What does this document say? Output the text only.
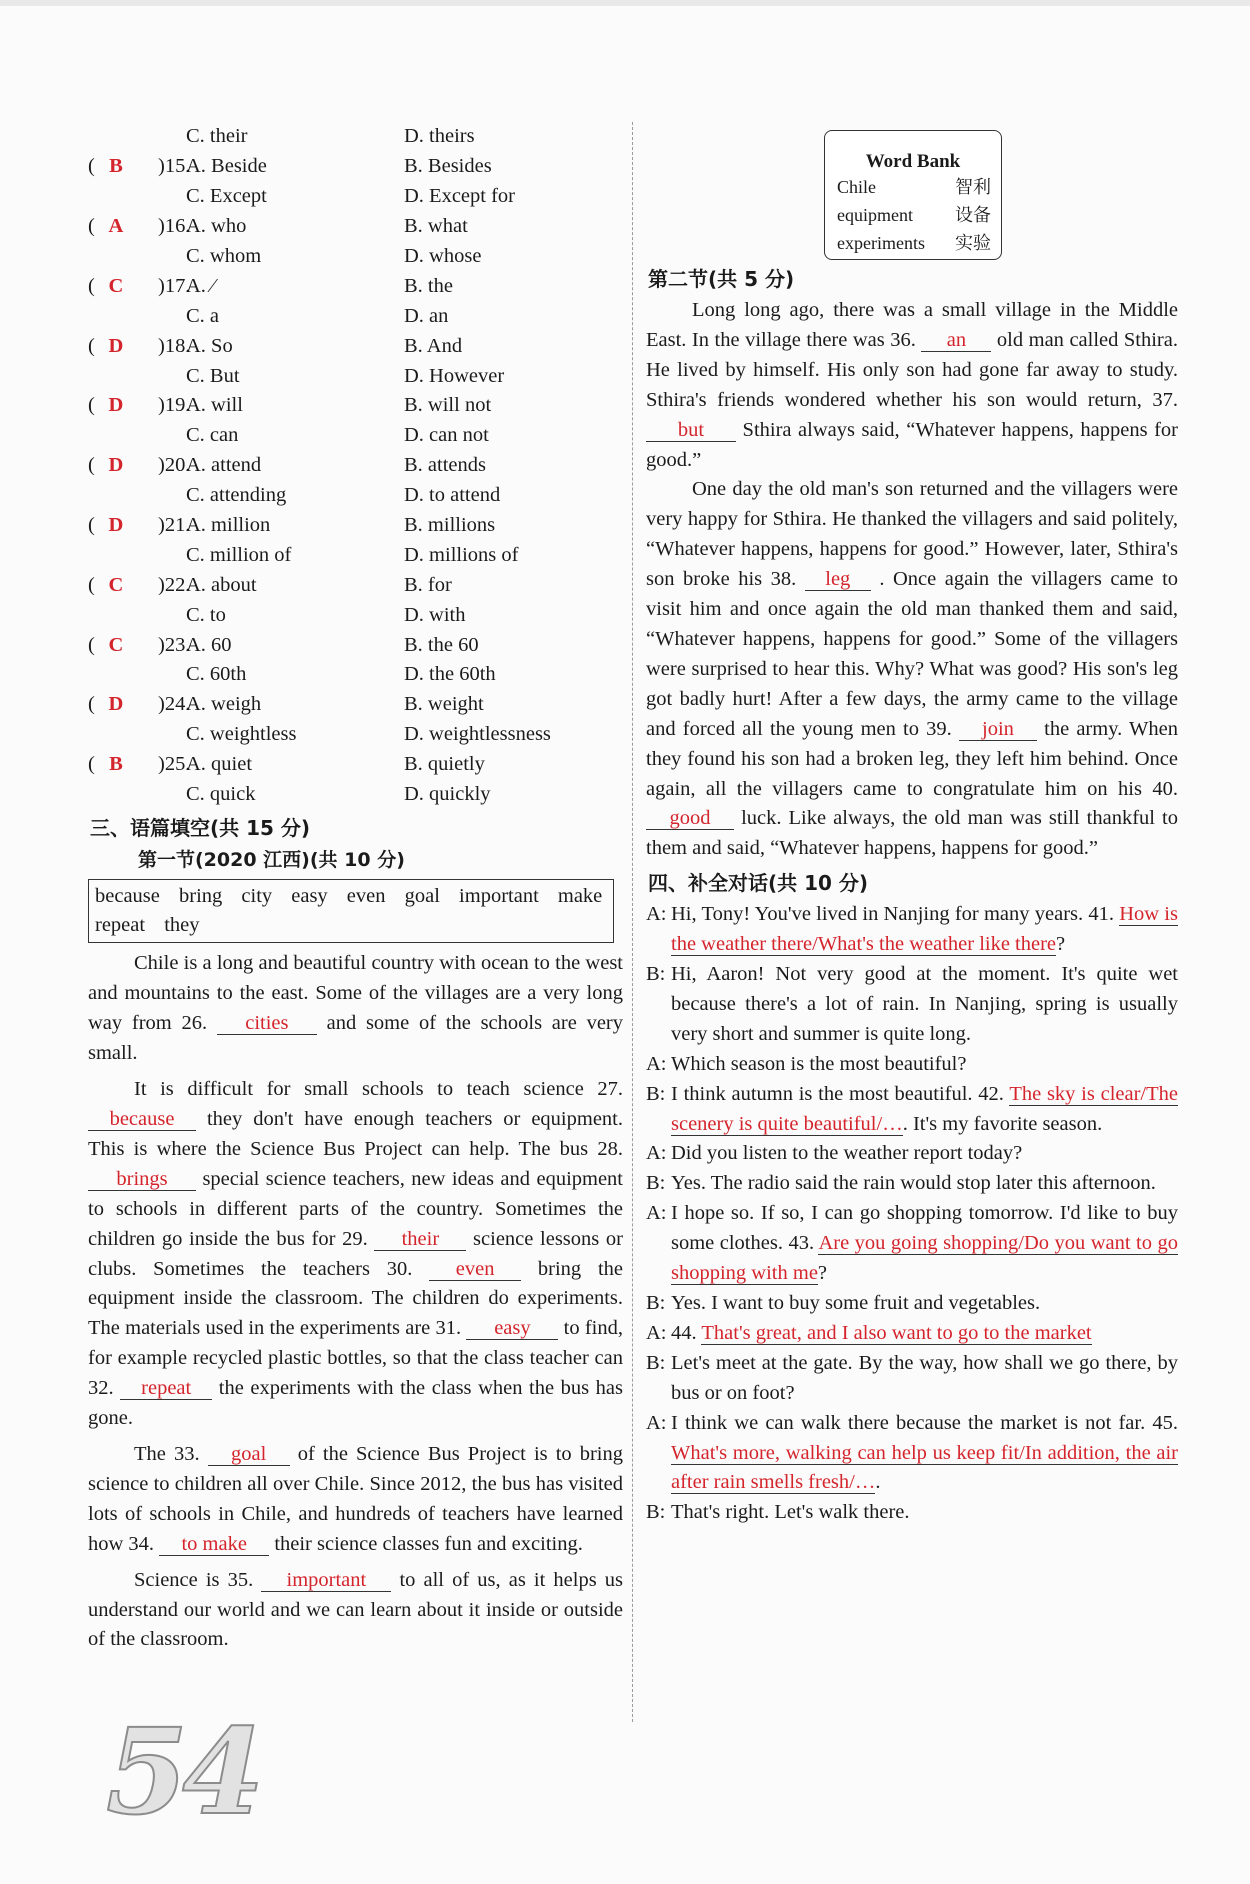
C. their	D. theirs
( B	)15.
A. Beside	B. Besides
C. Except	D. Except for
( A	)16.
A. who	B. what
C. whom	D. whose
( C	)17.
A. ⁄	B. the
C. a	D. an
( D	)18.
A. So	B. And
C. But	D. However
( D	)19.
A. will	B. will not
C. can	D. can not
( D	)20.
A. attend	B. attends
C. attending	D. to attend
( D	)21.
A. million	B. millions
C. million of	D. millions of
( C	)22.
A. about	B. for
C. to	D. with
( C	)23.
A. 60	B. the 60
C. 60th	D. the 60th
( D	)24.
A. weigh	B. weight
C. weightless	D. weightlessness
( B	)25.
A. quiet	B. quietly
C. quick	D. quickly
三、语篇填空(共 15 分)
第一节(2020 江西)(共 10 分)
because bring city easy even goal important make repeat they

Chile is a long and beautiful country with ocean to the west and mountains to the east. Some of the villages are a very long way from 26. cities and some of the schools are very small.

It is difficult for small schools to teach science 27. because they don't have enough teachers or equipment. This is where the Science Bus Project can help. The bus 28. brings special science teachers, new ideas and equipment to schools in different parts of the country. Sometimes the children go inside the bus for 29. their science lessons or clubs. Sometimes the teachers 30. even bring the equipment inside the classroom. The children do experiments. The materials used in the experiments are 31. easy to find, for example recycled plastic bottles, so that the class teacher can 32. repeat the experiments with the class when the bus has gone.

The 33. goal of the Science Bus Project is to bring science to children all over Chile. Since 2012, the bus has visited lots of schools in Chile, and hundreds of teachers have learned how 34. to make their science classes fun and exciting.

Science is 35. important to all of us, as it helps us understand our world and we can learn about it inside or outside of the classroom.

Word Bank
Chile	智利
equipment 设备
experiments 实验
第二节(共 5 分)

Long long ago, there was a small village in the Middle East. In the village there was 36. an old man called Sthira. He lived by himself. His only son had gone far away to study. Sthira's friends wondered whether his son would return, 37. but Sthira always said, “Whatever happens, happens for good.”

One day the old man's son returned and the villagers were very happy for Sthira. He thanked the villagers and said politely, “Whatever happens, happens for good.” However, later, Sthira's son broke his 38. leg . Once again the villagers came to visit him and once again the old man thanked them and said, “Whatever happens, happens for good.” Some of the villagers were surprised to hear this. Why? What was good? His son's leg got badly hurt! After a few days, the army came to the village and forced all the young men to 39. join the army. When they found his son had a broken leg, they left him behind. Once again, all the villagers came to congratulate him on his 40. good luck. Like always, the old man was still thankful to them and said, “Whatever happens, happens for good.”

四、补全对话(共 10 分)
A: Hi, Tony! You've lived in Nanjing for many years. 41. How is the weather there/What's the weather like there?
B: Hi, Aaron! Not very good at the moment. It's quite wet because there's a lot of rain. In Nanjing, spring is usually very short and summer is quite long.
A: Which season is the most beautiful?
B: I think autumn is the most beautiful. 42. The sky is clear/The scenery is quite beautiful/…. It's my favorite season.
A: Did you listen to the weather report today?
B: Yes. The radio said the rain would stop later this afternoon.
A: I hope so. If so, I can go shopping tomorrow. I'd like to buy some clothes. 43. Are you going shopping/Do you want to go shopping with me?
B: Yes. I want to buy some fruit and vegetables.
A: 44. That's great, and I also want to go to the market
B: Let's meet at the gate. By the way, how shall we go there, by bus or on foot?
A: I think we can walk there because the market is not far. 45. What's more, walking can help us keep fit/In addition, the air after rain smells fresh/….
B: That's right. Let's walk there.
54
